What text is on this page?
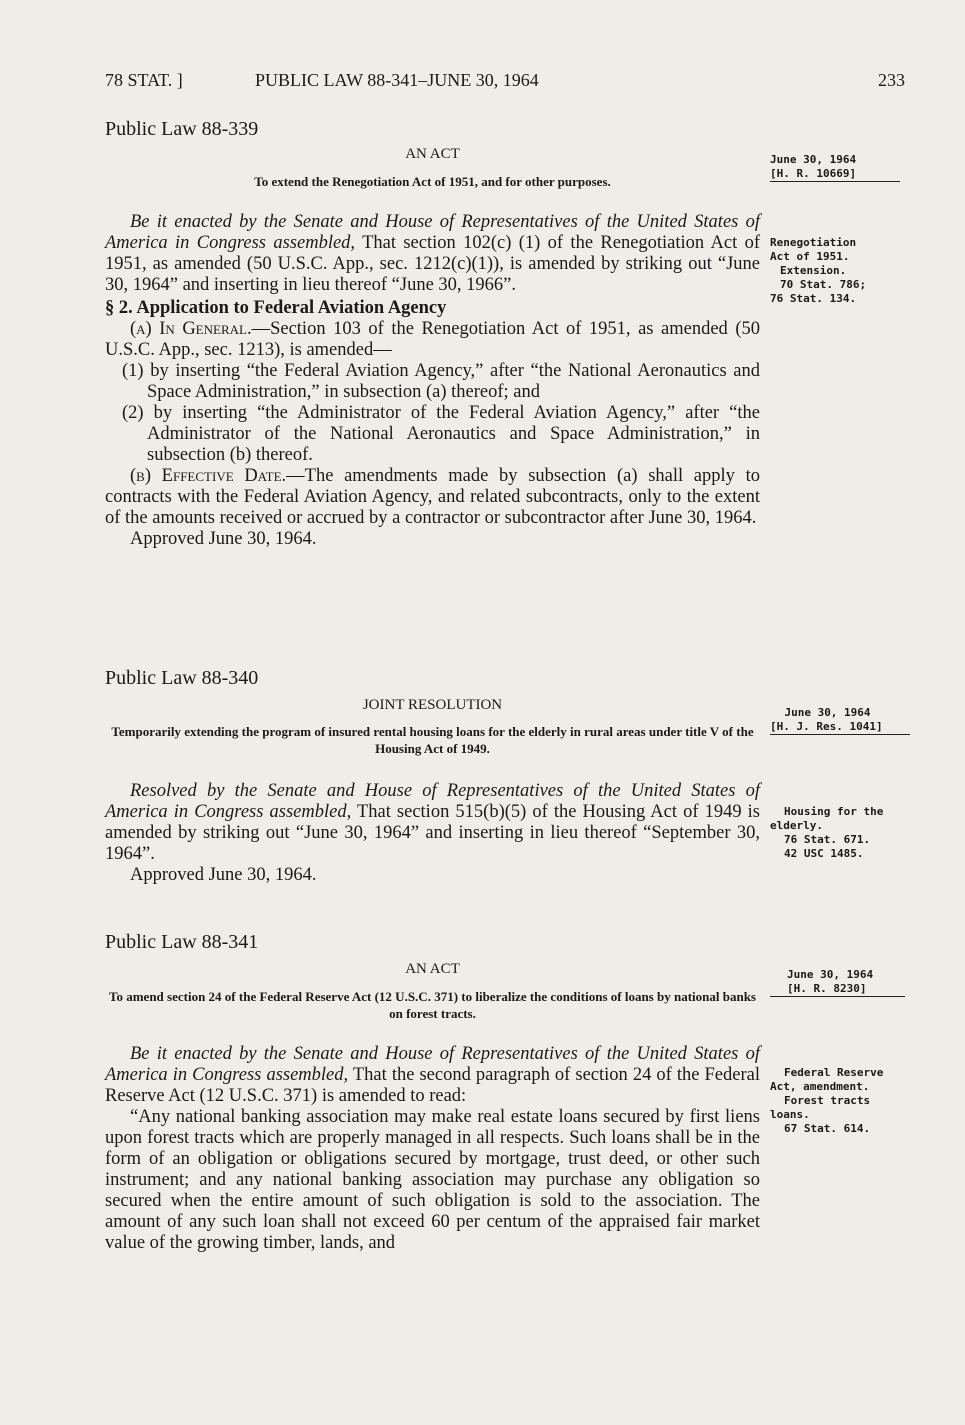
78 STAT. ]	PUBLIC LAW 88-341–JUNE 30, 1964	233
Public Law 88-339
AN ACT
To extend the Renegotiation Act of 1951, and for other purposes.
June 30, 1964
[H. R. 10669]

Be it enacted by the Senate and House of Representatives of the United States of America in Congress assembled, That section 102(c) (1) of the Renegotiation Act of 1951, as amended (50 U.S.C. App., sec. 1212(c)(1)), is amended by striking out “June 30, 1964” and inserting in lieu thereof “June 30, 1966”.

§ 2. Application to Federal Aviation Agency

(a) In General.—Section 103 of the Renegotiation Act of 1951, as amended (50 U.S.C. App., sec. 1213), is amended—

(1) by inserting “the Federal Aviation Agency,” after “the National Aeronautics and Space Administration,” in subsection (a) thereof; and

(2) by inserting “the Administrator of the Federal Aviation Agency,” after “the Administrator of the National Aeronautics and Space Administration,” in subsection (b) thereof.

(b) Effective Date.—The amendments made by subsection (a) shall apply to contracts with the Federal Aviation Agency, and related subcontracts, only to the extent of the amounts received or accrued by a contractor or subcontractor after June 30, 1964.

Approved June 30, 1964.

Renegotiation
Act of 1951.
Extension.
70 Stat. 786;
76 Stat. 134.
Public Law 88-340
JOINT RESOLUTION
Temporarily extending the program of insured rental housing loans for the elderly in rural areas under title V of the Housing Act of 1949.
June 30, 1964
[H. J. Res. 1041]

Resolved by the Senate and House of Representatives of the United States of America in Congress assembled, That section 515(b)(5) of the Housing Act of 1949 is amended by striking out “June 30, 1964” and inserting in lieu thereof “September 30, 1964”.

Approved June 30, 1964.

Housing for the
elderly.
76 Stat. 671.
42 USC 1485.
Public Law 88-341
AN ACT
To amend section 24 of the Federal Reserve Act (12 U.S.C. 371) to liberalize the conditions of loans by national banks on forest tracts.
June 30, 1964
[H. R. 8230]

Be it enacted by the Senate and House of Representatives of the United States of America in Congress assembled, That the second paragraph of section 24 of the Federal Reserve Act (12 U.S.C. 371) is amended to read:

“Any national banking association may make real estate loans secured by first liens upon forest tracts which are properly managed in all respects. Such loans shall be in the form of an obligation or obligations secured by mortgage, trust deed, or other such instrument; and any national banking association may purchase any obligation so secured when the entire amount of such obligation is sold to the association. The amount of any such loan shall not exceed 60 per centum of the appraised fair market value of the growing timber, lands, and

Federal Reserve
Act, amendment.
Forest tracts
loans.
67 Stat. 614.
